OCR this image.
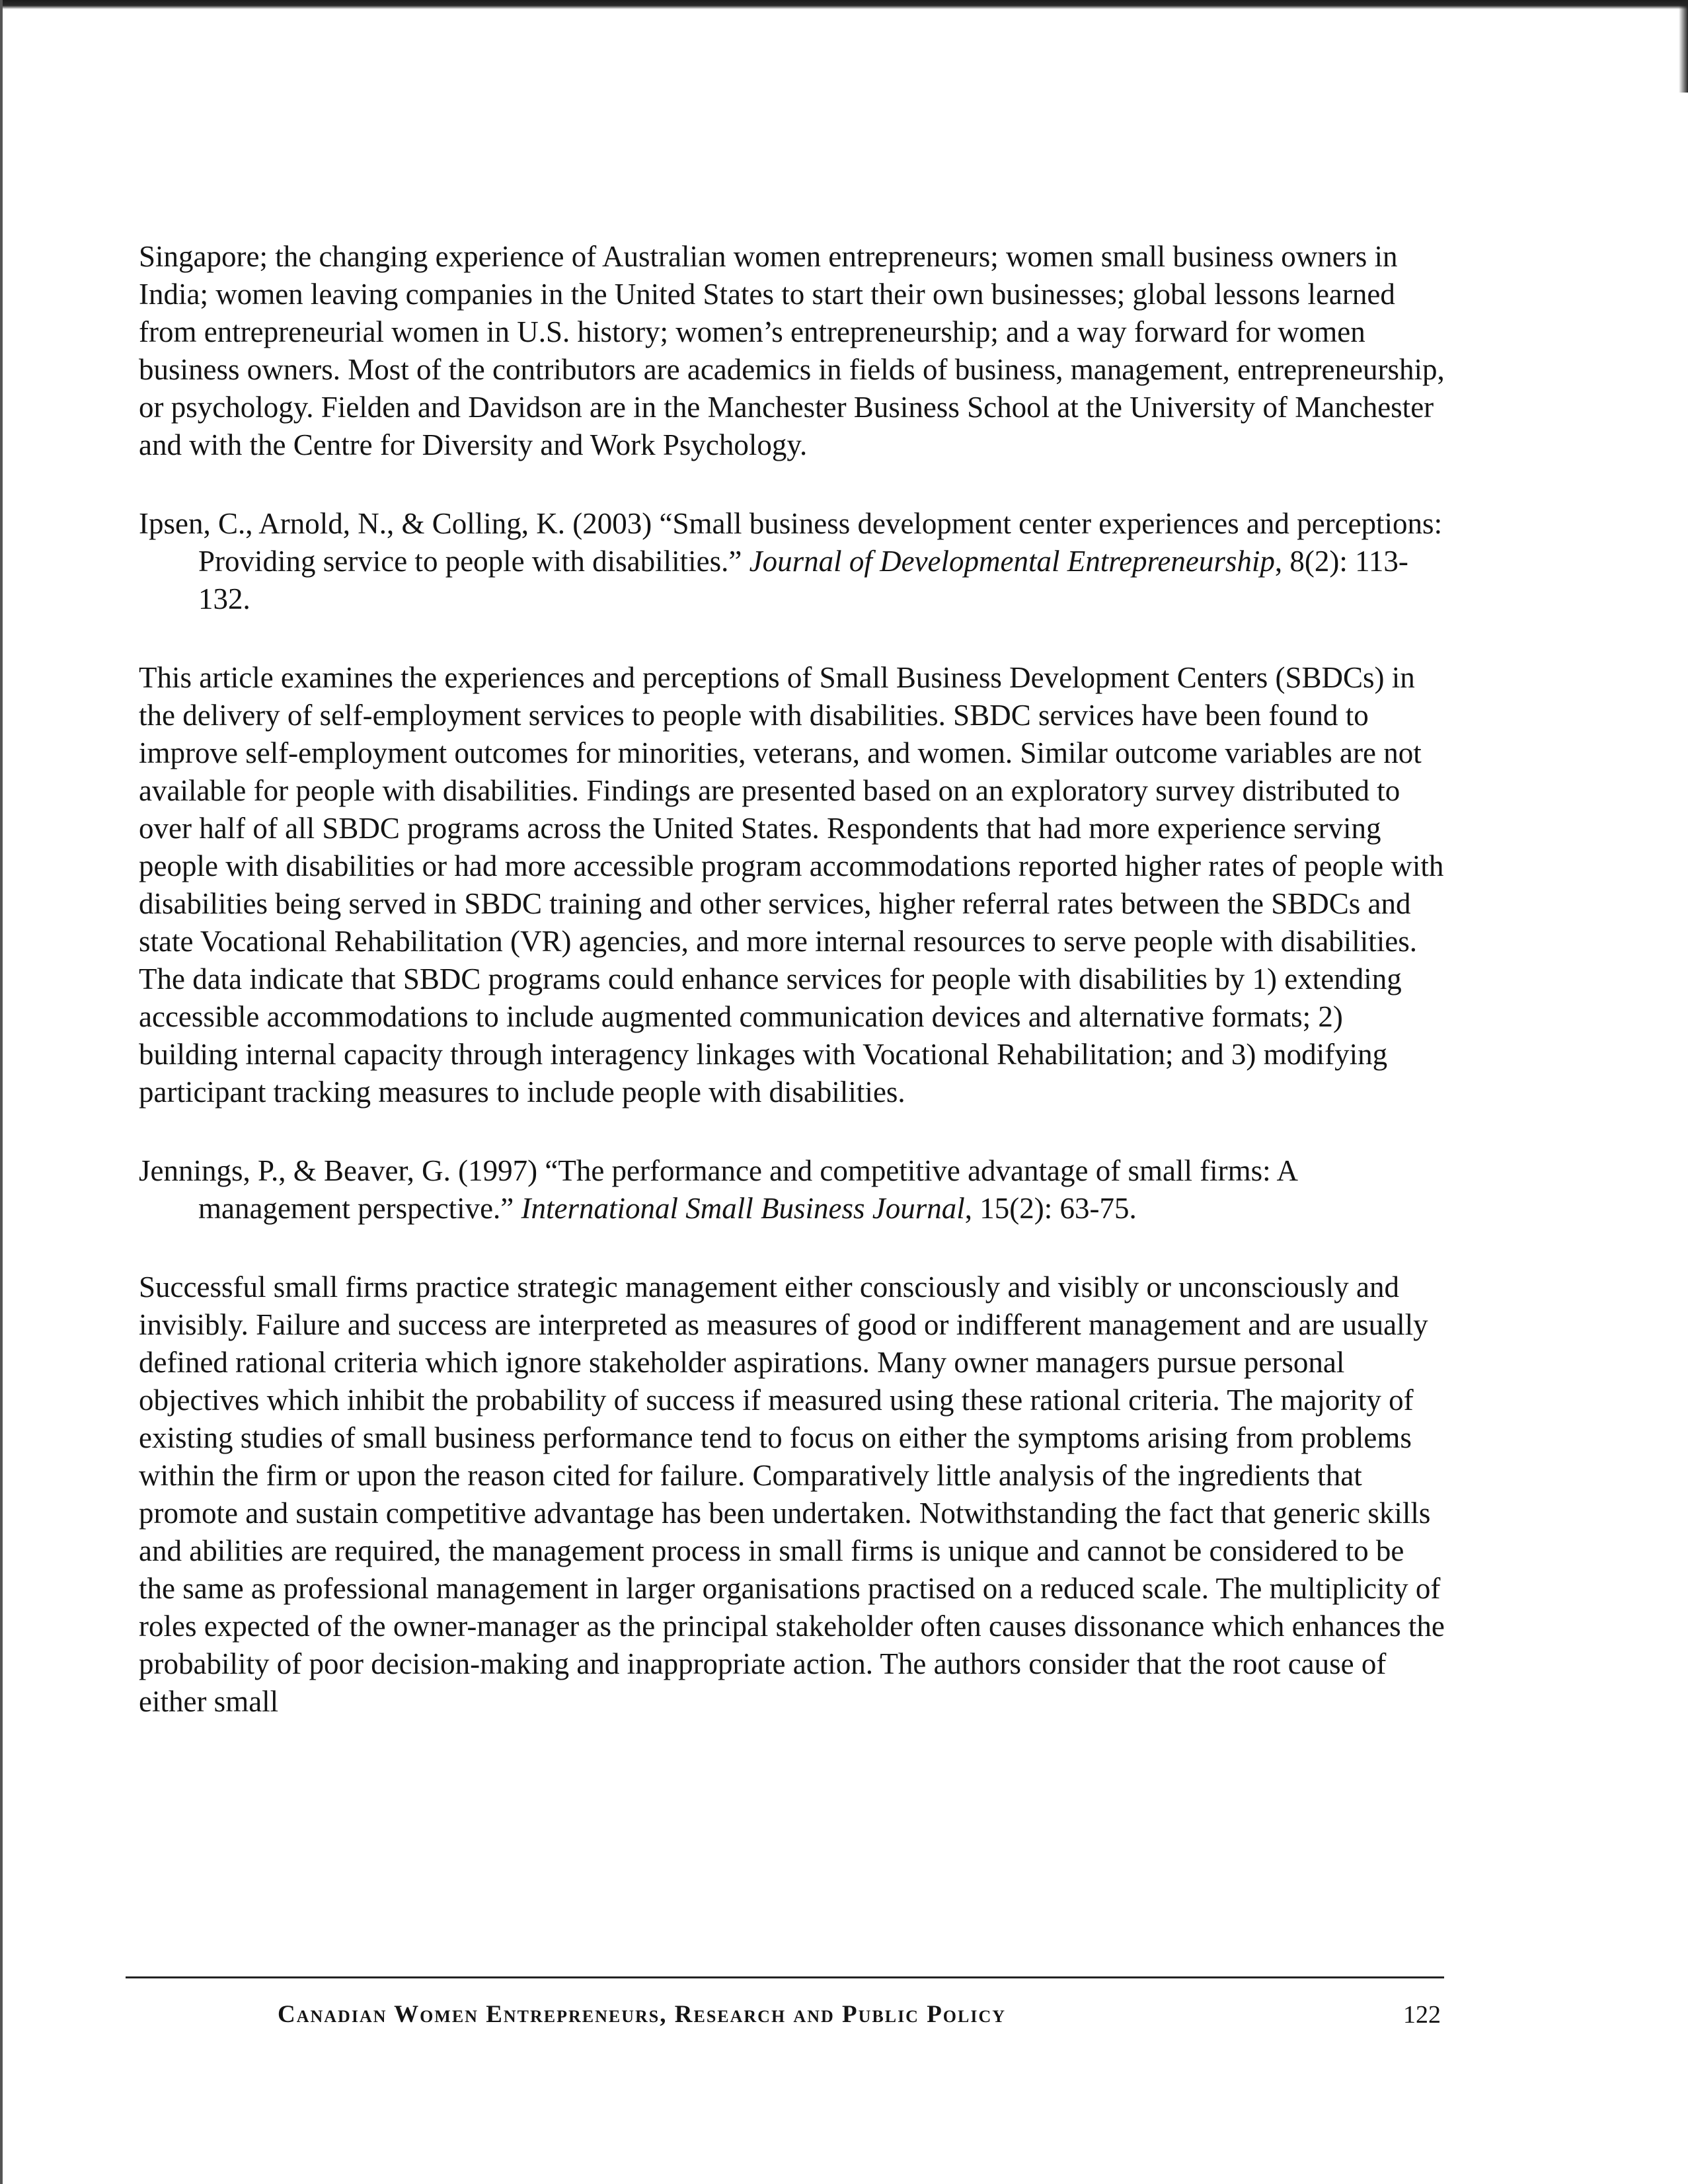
Singapore; the changing experience of Australian women entrepreneurs; women small business owners in India; women leaving companies in the United States to start their own businesses; global lessons learned from entrepreneurial women in U.S. history; women’s entrepreneurship; and a way forward for women business owners. Most of the contributors are academics in fields of business, management, entrepreneurship, or psychology. Fielden and Davidson are in the Manchester Business School at the University of Manchester and with the Centre for Diversity and Work Psychology.

Ipsen, C., Arnold, N., & Colling, K. (2003) “Small business development center experiences and perceptions: Providing service to people with disabilities.” Journal of Developmental Entrepreneurship, 8(2): 113-132.

This article examines the experiences and perceptions of Small Business Development Centers (SBDCs) in the delivery of self-employment services to people with disabilities. SBDC services have been found to improve self-employment outcomes for minorities, veterans, and women. Similar outcome variables are not available for people with disabilities. Findings are presented based on an exploratory survey distributed to over half of all SBDC programs across the United States. Respondents that had more experience serving people with disabilities or had more accessible program accommodations reported higher rates of people with disabilities being served in SBDC training and other services, higher referral rates between the SBDCs and state Vocational Rehabilitation (VR) agencies, and more internal resources to serve people with disabilities. The data indicate that SBDC programs could enhance services for people with disabilities by 1) extending accessible accommodations to include augmented communication devices and alternative formats; 2) building internal capacity through interagency linkages with Vocational Rehabilitation; and 3) modifying participant tracking measures to include people with disabilities.

Jennings, P., & Beaver, G. (1997) “The performance and competitive advantage of small firms: A management perspective.” International Small Business Journal, 15(2): 63-75.

Successful small firms practice strategic management either consciously and visibly or unconsciously and invisibly. Failure and success are interpreted as measures of good or indifferent management and are usually defined rational criteria which ignore stakeholder aspirations. Many owner managers pursue personal objectives which inhibit the probability of success if measured using these rational criteria. The majority of existing studies of small business performance tend to focus on either the symptoms arising from problems within the firm or upon the reason cited for failure. Comparatively little analysis of the ingredients that promote and sustain competitive advantage has been undertaken. Notwithstanding the fact that generic skills and abilities are required, the management process in small firms is unique and cannot be considered to be the same as professional management in larger organisations practised on a reduced scale. The multiplicity of roles expected of the owner-manager as the principal stakeholder often causes dissonance which enhances the probability of poor decision-making and inappropriate action. The authors consider that the root cause of either small

Canadian Women Entrepreneurs, Research and Public Policy	122
